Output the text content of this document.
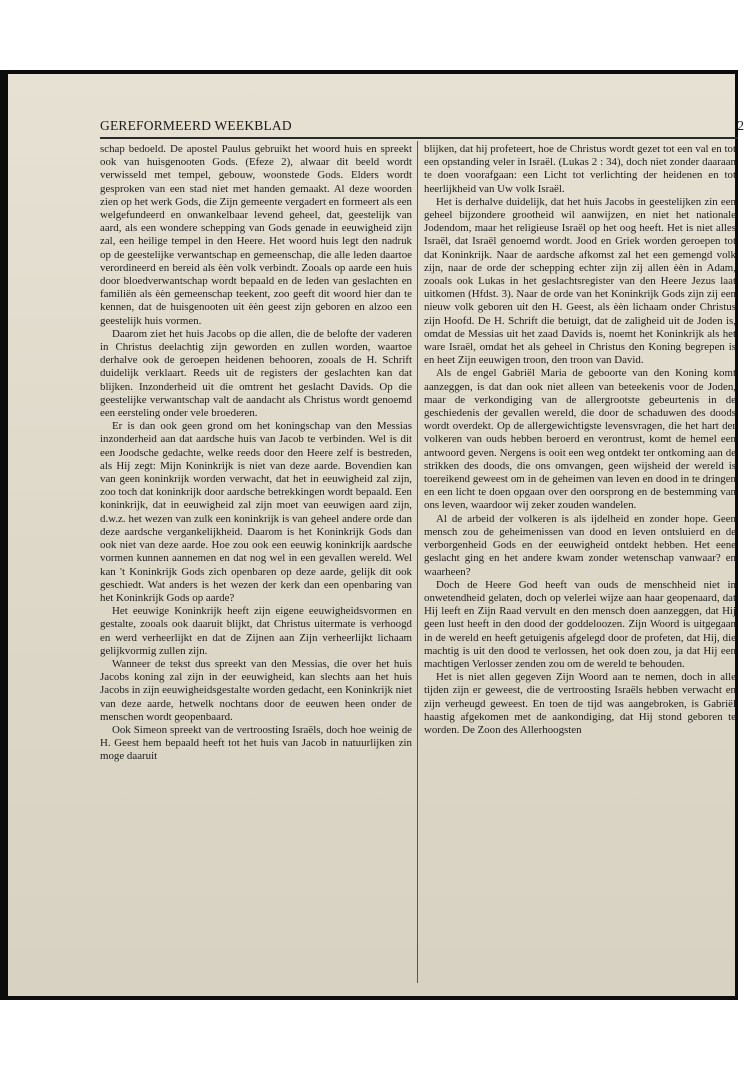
GEREFORMEERD WEEKBLAD	2

schap bedoeld. De apostel Paulus gebruikt het woord huis en spreekt ook van huisgenooten Gods. (Efeze 2), alwaar dit beeld wordt verwisseld met tempel, gebouw, woonstede Gods. Elders wordt gesproken van een stad niet met handen gemaakt. Al deze woorden zien op het werk Gods, die Zijn gemeente vergadert en formeert als een welgefundeerd en onwankelbaar levend geheel, dat, geestelijk van aard, als een wondere schepping van Gods genade in eeuwigheid zijn zal, een heilige tempel in den Heere. Het woord huis legt den nadruk op de geestelijke verwantschap en gemeenschap, die alle leden daartoe verordineerd en bereid als èèn volk verbindt. Zooals op aarde een huis door bloedverwantschap wordt bepaald en de leden van geslachten en familiën als èèn gemeenschap teekent, zoo geeft dit woord hier dan te kennen, dat de huisgenooten uit èèn geest zijn geboren en alzoo een geestelijk huis vormen.

Daarom ziet het huis Jacobs op die allen, die de belofte der vaderen in Christus deelachtig zijn geworden en zullen worden, waartoe derhalve ook de geroepen heidenen behooren, zooals de H. Schrift duidelijk verklaart. Reeds uit de registers der geslachten kan dat blijken. Inzonderheid uit die omtrent het geslacht Davids. Op die geestelijke verwantschap valt de aandacht als Christus wordt genoemd een eersteling onder vele broederen.

Er is dan ook geen grond om het koningschap van den Messias inzonderheid aan dat aardsche huis van Jacob te verbinden. Wel is dit een Joodsche gedachte, welke reeds door den Heere zelf is bestreden, als Hij zegt: Mijn Koninkrijk is niet van deze aarde. Bovendien kan van geen koninkrijk worden verwacht, dat het in eeuwigheid zal zijn, zoo toch dat koninkrijk door aardsche betrekkingen wordt bepaald. Een koninkrijk, dat in eeuwigheid zal zijn moet van eeuwigen aard zijn, d.w.z. het wezen van zulk een koninkrijk is van geheel andere orde dan deze aardsche vergankelijkheid. Daarom is het Koninkrijk Gods dan ook niet van deze aarde. Hoe zou ook een eeuwig koninkrijk aardsche vormen kunnen aannemen en dat nog wel in een gevallen wereld. Wel kan 't Koninkrijk Gods zich openbaren op deze aarde, gelijk dit ook geschiedt. Wat anders is het wezen der kerk dan een openbaring van het Koninkrijk Gods op aarde?

Het eeuwige Koninkrijk heeft zijn eigene eeuwigheidsvormen en gestalte, zooals ook daaruit blijkt, dat Christus uitermate is verhoogd en werd verheerlijkt en dat de Zijnen aan Zijn verheerlijkt lichaam gelijkvormig zullen zijn.

Wanneer de tekst dus spreekt van den Messias, die over het huis Jacobs koning zal zijn in der eeuwigheid, kan slechts aan het huis Jacobs in zijn eeuwigheidsgestalte worden gedacht, een Koninkrijk niet van deze aarde, hetwelk nochtans door de eeuwen heen onder de menschen wordt geopenbaard.

Ook Simeon spreekt van de vertroosting Israëls, doch hoe weinig de H. Geest hem bepaald heeft tot het huis van Jacob in natuurlijken zin moge daaruit

blijken, dat hij profeteert, hoe de Christus wordt gezet tot een val en tot een opstanding veler in Israël. (Lukas 2 : 34), doch niet zonder daaraan te doen voorafgaan: een Licht tot verlichting der heidenen en tot heerlijkheid van Uw volk Israël.

Het is derhalve duidelijk, dat het huis Jacobs in geestelijken zin een geheel bijzondere grootheid wil aanwijzen, en niet het nationale Jodendom, maar het religieuse Israël op het oog heeft. Het is niet alles Israël, dat Israël genoemd wordt. Jood en Griek worden geroepen tot dat Koninkrijk. Naar de aardsche afkomst zal het een gemengd volk zijn, naar de orde der schepping echter zijn zij allen èèn in Adam, zooals ook Lukas in het geslachtsregister van den Heere Jezus laat uitkomen (Hfdst. 3). Naar de orde van het Koninkrijk Gods zijn zij een nieuw volk geboren uit den H. Geest, als èèn lichaam onder Christus zijn Hoofd. De H. Schrift die betuigt, dat de zaligheid uit de Joden is, omdat de Messias uit het zaad Davids is, noemt het Koninkrijk als het ware Israël, omdat het als geheel in Christus den Koning begrepen is en heet Zijn eeuwigen troon, den troon van David.

Als de engel Gabriël Maria de geboorte van den Koning komt aanzeggen, is dat dan ook niet alleen van beteekenis voor de Joden, maar de verkondiging van de allergrootste gebeurtenis in de geschiedenis der gevallen wereld, die door de schaduwen des doods wordt overdekt. Op de allergewichtigste levensvragen, die het hart der volkeren van ouds hebben beroerd en verontrust, komt de hemel een antwoord geven. Nergens is ooit een weg ontdekt ter ontkoming aan de strikken des doods, die ons omvangen, geen wijsheid der wereld is toereikend geweest om in de geheimen van leven en dood in te dringen en een licht te doen opgaan over den oorsprong en de bestemming van ons leven, waardoor wij zeker zouden wandelen.

Al de arbeid der volkeren is als ijdelheid en zonder hope. Geen mensch zou de geheimenissen van dood en leven ontsluierd en de verborgenheid Gods en der eeuwigheid ontdekt hebben. Het eene geslacht ging en het andere kwam zonder wetenschap vanwaar? en waarheen?

Doch de Heere God heeft van ouds de menschheid niet in onwetendheid gelaten, doch op velerlei wijze aan haar geopenaard, dat Hij leeft en Zijn Raad vervult en den mensch doen aanzeggen, dat Hij geen lust heeft in den dood der goddeloozen. Zijn Woord is uitgegaan in de wereld en heeft getuigenis afgelegd door de profeten, dat Hij, die machtig is uit den dood te verlossen, het ook doen zou, ja dat Hij een machtigen Verlosser zenden zou om de wereld te behouden.

Het is niet allen gegeven Zijn Woord aan te nemen, doch in alle tijden zijn er geweest, die de vertroosting Israëls hebben verwacht en zijn verheugd geweest. En toen de tijd was aangebroken, is Gabriël haastig afgekomen met de aankondiging, dat Hij stond geboren te worden. De Zoon des Allerhoogsten
